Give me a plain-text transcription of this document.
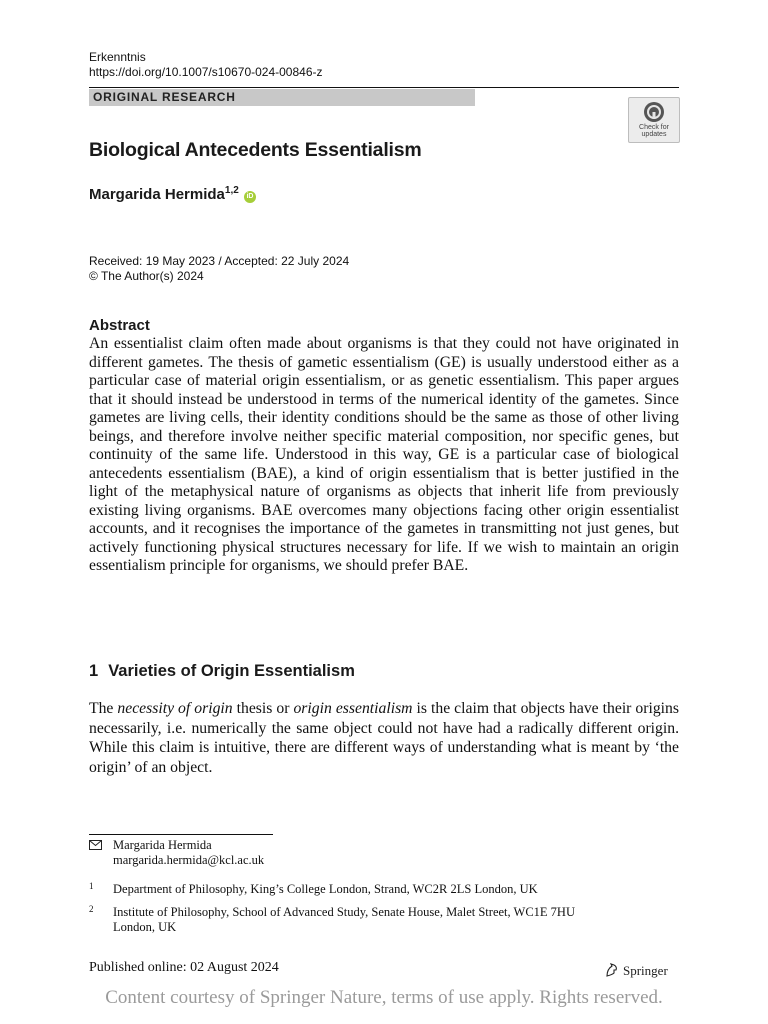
Erkenntnis
https://doi.org/10.1007/s10670-024-00846-z
ORIGINAL RESEARCH
Check for updates
Biological Antecedents Essentialism
Margarida Hermida$^{1,2}$ iD
Received: 19 May 2023 / Accepted: 22 July 2024
© The Author(s) 2024
Abstract
An essentialist claim often made about organisms is that they could not have originated in different gametes. The thesis of gametic essentialism (GE) is usually understood either as a particular case of material origin essentialism, or as genetic essentialism. This paper argues that it should instead be understood in terms of the numerical identity of the gametes. Since gametes are living cells, their identity conditions should be the same as those of other living beings, and therefore involve neither specific material composition, nor specific genes, but continuity of the same life. Understood in this way, GE is a particular case of biological antecedents essentialism (BAE), a kind of origin essentialism that is better justified in the light of the metaphysical nature of organisms as objects that inherit life from previously existing living organisms. BAE overcomes many objections facing other origin essentialist accounts, and it recognises the importance of the gametes in transmitting not just genes, but actively functioning physical structures necessary for life. If we wish to maintain an origin essentialism principle for organisms, we should prefer BAE.
1 Varieties of Origin Essentialism
The necessity of origin thesis or origin essentialism is the claim that objects have their origins necessarily, i.e. numerically the same object could not have had a radically different origin. While this claim is intuitive, there are different ways of understanding what is meant by ‘the origin’ of an object.
Margarida Hermida
margarida.hermida@kcl.ac.uk
1 Department of Philosophy, King’s College London, Strand, WC2R 2LS London, UK
2 Institute of Philosophy, School of Advanced Study, Senate House, Malet Street, WC1E 7HU London, UK
Published online: 02 August 2024	Springer
Content courtesy of Springer Nature, terms of use apply. Rights reserved.
